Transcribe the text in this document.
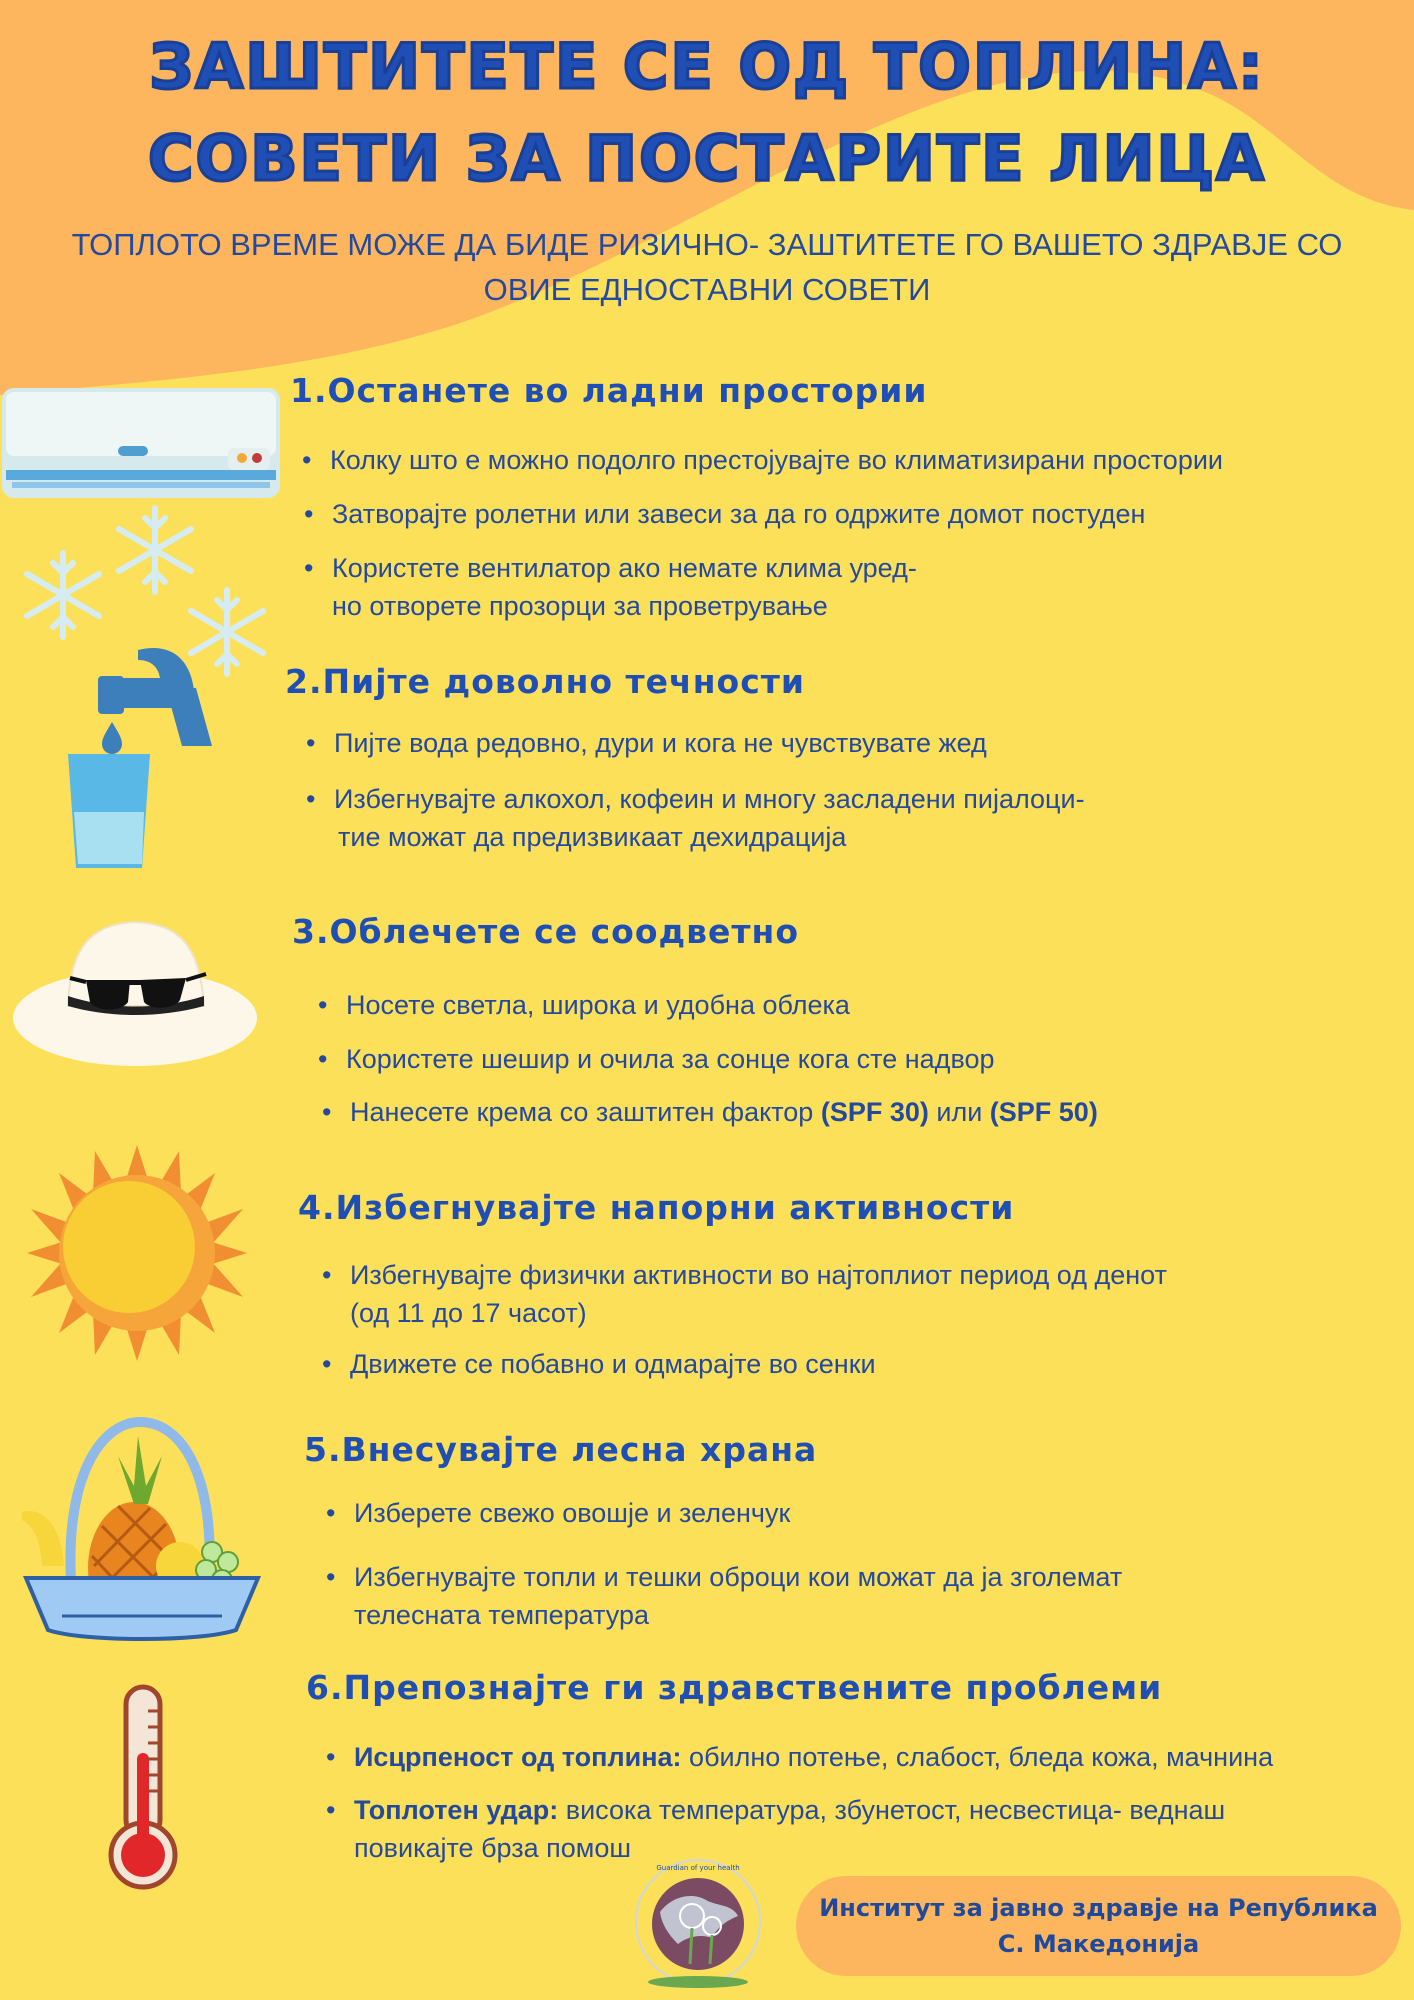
ЗАШТИТЕТЕ СЕ ОД ТОПЛИНА:
СОВЕТИ ЗА ПОСТАРИТЕ ЛИЦА
ТОПЛОТО ВРЕМЕ МОЖЕ ДА БИДЕ РИЗИЧНО- ЗАШТИТЕТЕ ГО ВАШЕТО ЗДРАВЈЕ СО
ОВИЕ ЕДНОСТАВНИ СОВЕТИ
1.Останете во ладни простории
• Колку што е можно подолго престојувајте во климатизирани простории
• Затворајте ролетни или завеси за да го одржите домот постуден
• Користете вентилатор ако немате клима уред-
но отворете прозорци за проветрување
2.Пијте доволно течности
• Пијте вода редовно, дури и кога не чувствувате жед
• Избегнувајте алкохол, кофеин и многу засладени пијалоци-
тие можат да предизвикаат дехидрација
3.Облечете се соодветно
• Носете светла, широка и удобна облека
• Користете шешир и очила за сонце кога сте надвор
• Нанесете крема со заштитен фактор (SPF 30) или (SPF 50)
4.Избегнувајте напорни активности
• Избегнувајте физички активности во најтоплиот период од денот
(од 11 до 17 часот)
• Движете се побавно и одмарајте во сенки
5.Внесувајте лесна храна
• Изберете свежо овошје и зеленчук
• Избегнувајте топли и тешки оброци кои можат да ја зголемат
телесната температура
6.Препознајте ги здравствените проблеми
• Исцрпеност од топлина: обилно потење, слабост, бледа кожа, мачнина
• Топлотен удар: висока температура, збунетост, несвестица- веднаш
повикајте брза помош
Guardian of your health
Институт за јавно здравје на Република
С. Македонија
